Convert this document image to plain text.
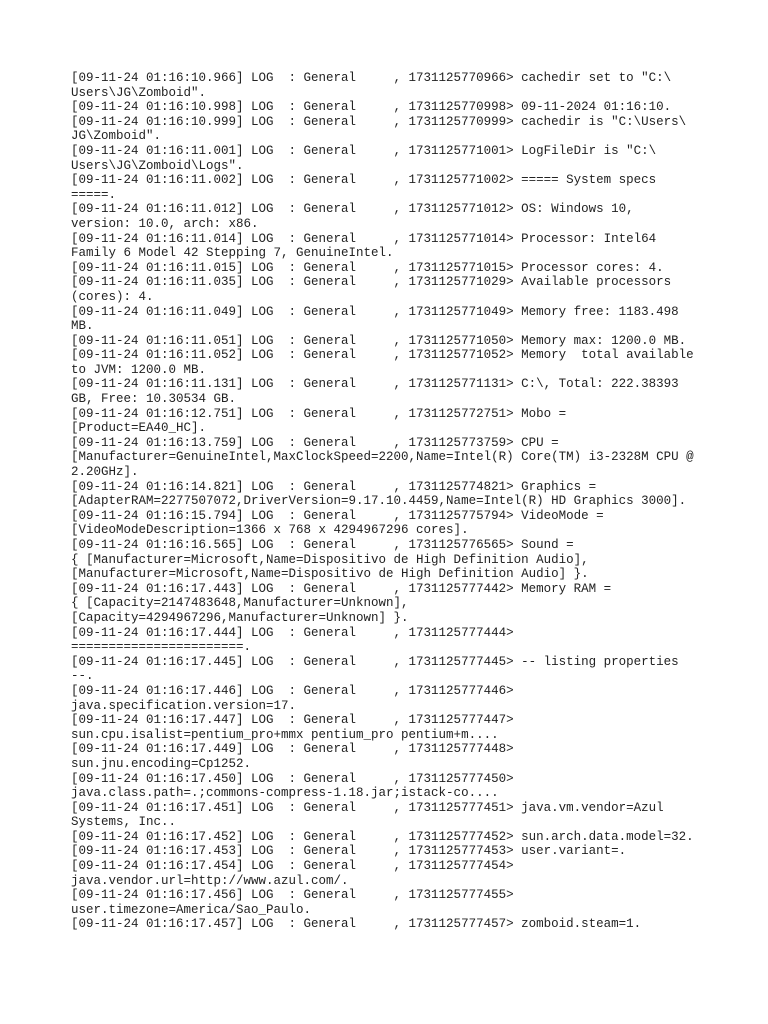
[09-11-24 01:16:10.966] LOG  : General     , 1731125770966> cachedir set to "C:\
Users\JG\Zomboid".
[09-11-24 01:16:10.998] LOG  : General     , 1731125770998> 09-11-2024 01:16:10.
[09-11-24 01:16:10.999] LOG  : General     , 1731125770999> cachedir is "C:\Users\
JG\Zomboid".
[09-11-24 01:16:11.001] LOG  : General     , 1731125771001> LogFileDir is "C:\
Users\JG\Zomboid\Logs".
[09-11-24 01:16:11.002] LOG  : General     , 1731125771002> ===== System specs
=====.
[09-11-24 01:16:11.012] LOG  : General     , 1731125771012> OS: Windows 10,
version: 10.0, arch: x86.
[09-11-24 01:16:11.014] LOG  : General     , 1731125771014> Processor: Intel64
Family 6 Model 42 Stepping 7, GenuineIntel.
[09-11-24 01:16:11.015] LOG  : General     , 1731125771015> Processor cores: 4.
[09-11-24 01:16:11.035] LOG  : General     , 1731125771029> Available processors
(cores): 4.
[09-11-24 01:16:11.049] LOG  : General     , 1731125771049> Memory free: 1183.498
MB.
[09-11-24 01:16:11.051] LOG  : General     , 1731125771050> Memory max: 1200.0 MB.
[09-11-24 01:16:11.052] LOG  : General     , 1731125771052> Memory  total available
to JVM: 1200.0 MB.
[09-11-24 01:16:11.131] LOG  : General     , 1731125771131> C:\, Total: 222.38393
GB, Free: 10.30534 GB.
[09-11-24 01:16:12.751] LOG  : General     , 1731125772751> Mobo =
[Product=EA40_HC].
[09-11-24 01:16:13.759] LOG  : General     , 1731125773759> CPU =
[Manufacturer=GenuineIntel,MaxClockSpeed=2200,Name=Intel(R) Core(TM) i3-2328M CPU @
2.20GHz].
[09-11-24 01:16:14.821] LOG  : General     , 1731125774821> Graphics =
[AdapterRAM=2277507072,DriverVersion=9.17.10.4459,Name=Intel(R) HD Graphics 3000].
[09-11-24 01:16:15.794] LOG  : General     , 1731125775794> VideoMode =
[VideoModeDescription=1366 x 768 x 4294967296 cores].
[09-11-24 01:16:16.565] LOG  : General     , 1731125776565> Sound =
{ [Manufacturer=Microsoft,Name=Dispositivo de High Definition Audio],
[Manufacturer=Microsoft,Name=Dispositivo de High Definition Audio] }.
[09-11-24 01:16:17.443] LOG  : General     , 1731125777442> Memory RAM =
{ [Capacity=2147483648,Manufacturer=Unknown],
[Capacity=4294967296,Manufacturer=Unknown] }.
[09-11-24 01:16:17.444] LOG  : General     , 1731125777444>
=======================.
[09-11-24 01:16:17.445] LOG  : General     , 1731125777445> -- listing properties
--.
[09-11-24 01:16:17.446] LOG  : General     , 1731125777446>
java.specification.version=17.
[09-11-24 01:16:17.447] LOG  : General     , 1731125777447>
sun.cpu.isalist=pentium_pro+mmx pentium_pro pentium+m....
[09-11-24 01:16:17.449] LOG  : General     , 1731125777448>
sun.jnu.encoding=Cp1252.
[09-11-24 01:16:17.450] LOG  : General     , 1731125777450>
java.class.path=.;commons-compress-1.18.jar;istack-co....
[09-11-24 01:16:17.451] LOG  : General     , 1731125777451> java.vm.vendor=Azul
Systems, Inc..
[09-11-24 01:16:17.452] LOG  : General     , 1731125777452> sun.arch.data.model=32.
[09-11-24 01:16:17.453] LOG  : General     , 1731125777453> user.variant=.
[09-11-24 01:16:17.454] LOG  : General     , 1731125777454>
java.vendor.url=http://www.azul.com/.
[09-11-24 01:16:17.456] LOG  : General     , 1731125777455>
user.timezone=America/Sao_Paulo.
[09-11-24 01:16:17.457] LOG  : General     , 1731125777457> zomboid.steam=1.
